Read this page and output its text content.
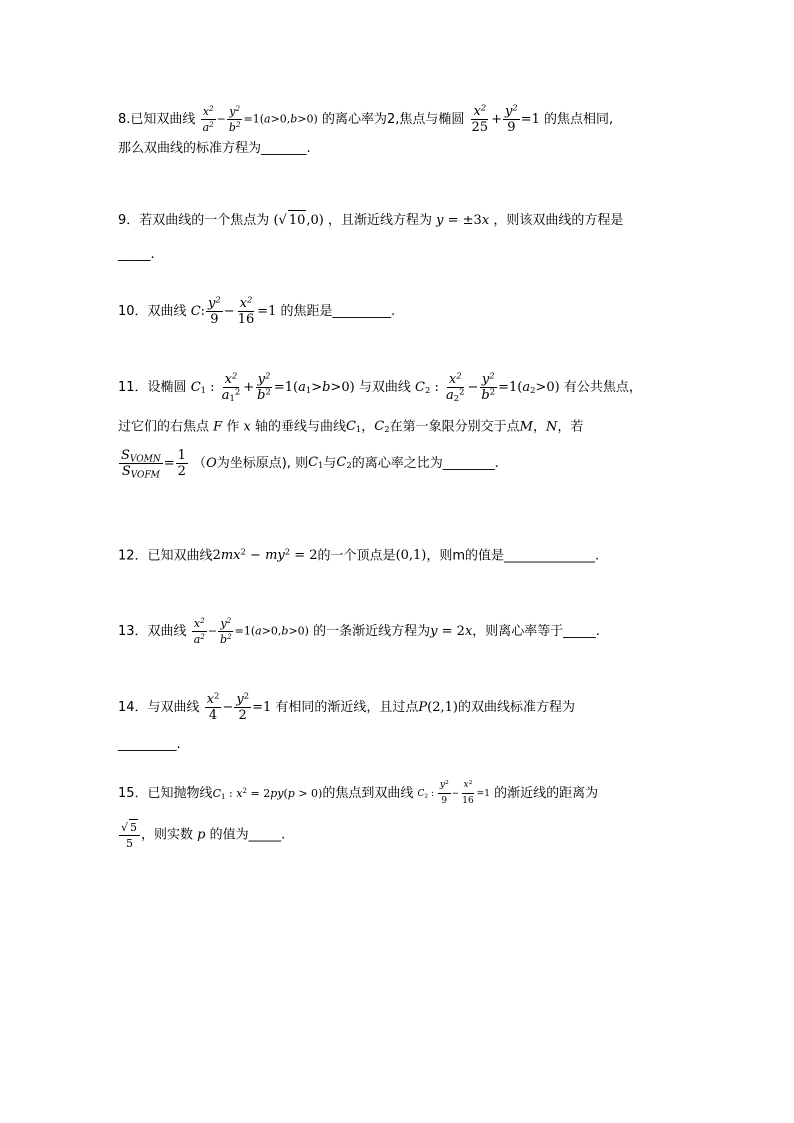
8.已知双曲线 $\frac{x^2}{a^2} - \frac{y^2}{b^2} =1(a>0,b>0)$ 的离心率为2,焦点与椭圆 $\frac{x^2}{25} + \frac{y^2}{9} =1$ 的焦点相同,
那么双曲线的标准方程为_______.
9．若双曲线的一个焦点为 (√ 10,0) ，且渐近线方程为 y = ±3x ，则该双曲线的方程是
_____.
10．双曲线 C: $\frac{y^2}{9} - \frac{x^2}{16} =1$ 的焦距是_________.
11．设椭圆 $C_1$ : $\frac{x^2}{a_1^2} + \frac{y^2}{b^2} =1(a_1>b>0)$ 与双曲线 $C_2$ : $\frac{x^2}{a_2^2} - \frac{y^2}{b^2} =1(a_2>0)$ 有公共焦点，
过它们的右焦点 F 作 x 轴的垂线与曲线$C_1$，$C_2$在第一象限分别交于点M，N，若
$\frac{S_{VOMN}}{S_{VOFM}} = \frac{1}{2} (O$为坐标原点), 则$C_1$与$C_2$的离心率之比为________.
12．已知双曲线$2mx^2 - my^2 = 2$的一个顶点是(0,1)，则m的值是______________.
13．双曲线 $\frac{x^2}{a^2} - \frac{y^2}{b^2} =1(a>0,b>0)$ 的一条渐近线方程为y = 2x，则离心率等于_____.
14．与双曲线 $\frac{x^2}{4} - \frac{y^2}{2} =1$ 有相同的渐近线，且过点P(2,1)的双曲线标准方程为
_________.
15．已知抛物线$C_1$ : $x^2 = 2py(p > 0)$的焦点到双曲线 $C_2$ : $\frac{y^2}{9} - \frac{x^2}{16} =1$ 的渐近线的距离为
$\frac{√ 5}{5}$ ，则实数 p 的值为_____.
